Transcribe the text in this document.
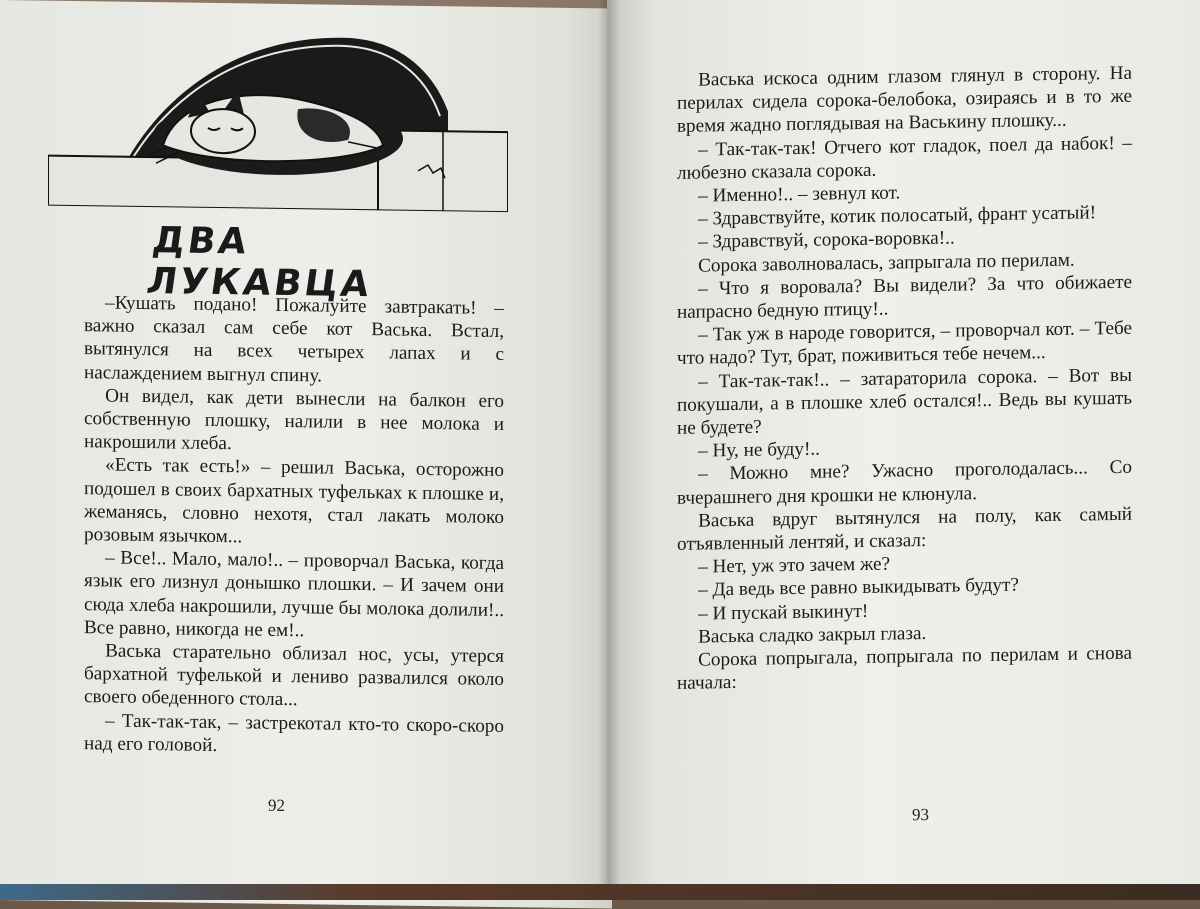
ДВА ЛУКАВЦА

–Кушать подано! Пожалуйте завтракать! – важно сказал сам себе кот Васька. Встал, вытянулся на всех четырех лапах и с наслаждением выгнул спину.

Он видел, как дети вынесли на балкон его собственную плошку, налили в нее молока и накрошили хлеба.

«Есть так есть!» – решил Васька, осторожно подошел в своих бархатных туфельках к плошке и, жеманясь, словно нехотя, стал лакать молоко розовым язычком...

– Все!.. Мало, мало!.. – проворчал Васька, когда язык его лизнул донышко плошки. – И зачем они сюда хлеба накрошили, лучше бы молока долили!.. Все равно, никогда не ем!..

Васька старательно облизал нос, усы, утерся бархатной туфелькой и лениво развалился около своего обеденного стола...

– Так-так-так, – застрекотал кто-то скоро-скоро над его головой.

92

Васька искоса одним глазом глянул в сторону. На перилах сидела сорока-белобока, озираясь и в то же время жадно поглядывая на Васькину плошку...

– Так-так-так! Отчего кот гладок, поел да набок! – любезно сказала сорока.

– Именно!.. – зевнул кот.

– Здравствуйте, котик полосатый, франт усатый!

– Здравствуй, сорока-воровка!..

Сорока заволновалась, запрыгала по перилам.

– Что я воровала? Вы видели? За что обижаете напрасно бедную птицу!..

– Так уж в народе говорится, – проворчал кот. – Тебе что надо? Тут, брат, поживиться тебе нечем...

– Так-так-так!.. – затараторила сорока. – Вот вы покушали, а в плошке хлеб остался!.. Ведь вы кушать не будете?

– Ну, не буду!..

– Можно мне? Ужасно проголодалась... Со вчерашнего дня крошки не клюнула.

Васька вдруг вытянулся на полу, как самый отъявленный лентяй, и сказал:

– Нет, уж это зачем же?

– Да ведь все равно выкидывать будут?

– И пускай выкинут!

Васька сладко закрыл глаза.

Сорока попрыгала, попрыгала по перилам и снова начала:

93
